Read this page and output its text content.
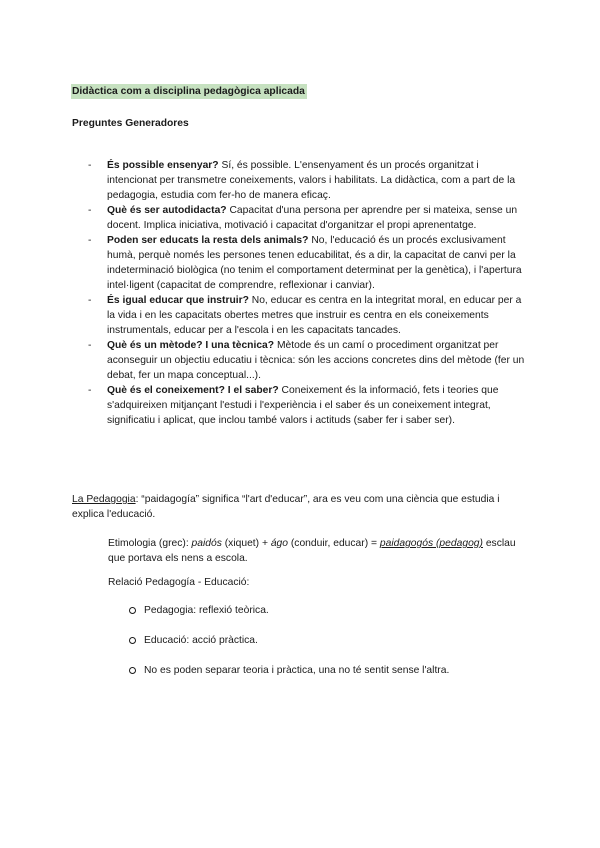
Didàctica com a disciplina pedagògica aplicada
Preguntes Generadores
- És possible ensenyar? Sí, és possible. L'ensenyament és un procés organitzat i intencionat per transmetre coneixements, valors i habilitats. La didàctica, com a part de la pedagogia, estudia com fer-ho de manera eficaç.
- Què és ser autodidacta? Capacitat d'una persona per aprendre per si mateixa, sense un docent. Implica iniciativa, motivació i capacitat d'organitzar el propi aprenentatge.
- Poden ser educats la resta dels animals? No, l'educació és un procés exclusivament humà, perquè només les persones tenen educabilitat, és a dir, la capacitat de canvi per la indeterminació biològica (no tenim el comportament determinat per la genètica), i l'apertura intel·ligent (capacitat de comprendre, reflexionar i canviar).
- És igual educar que instruir? No, educar es centra en la integritat moral, en educar per a la vida i en les capacitats obertes metres que instruir es centra en els coneixements instrumentals, educar per a l'escola i en les capacitats tancades.
- Què és un mètode? I una tècnica? Mètode és un camí o procediment organitzat per aconseguir un objectiu educatiu i tècnica: són les accions concretes dins del mètode (fer un debat, fer un mapa conceptual...).
- Què és el coneixement? I el saber? Coneixement és la informació, fets i teories que s'adquireixen mitjançant l'estudi i l'experiència i el saber és un coneixement integrat, significatiu i aplicat, que inclou també valors i actituds (saber fer i saber ser).
La Pedagogia: “paidagogía” significa “l'art d'educar”, ara es veu com una ciència que estudia i explica l'educació.
Etimologia (grec): paidós (xiquet) + ágo (conduir, educar) = paidagogós (pedagog) esclau que portava els nens a escola.
Relació Pedagogía - Educació:
Pedagogia: reflexió teòrica.
Educació: acció pràctica.
No es poden separar teoria i pràctica, una no té sentit sense l'altra.
